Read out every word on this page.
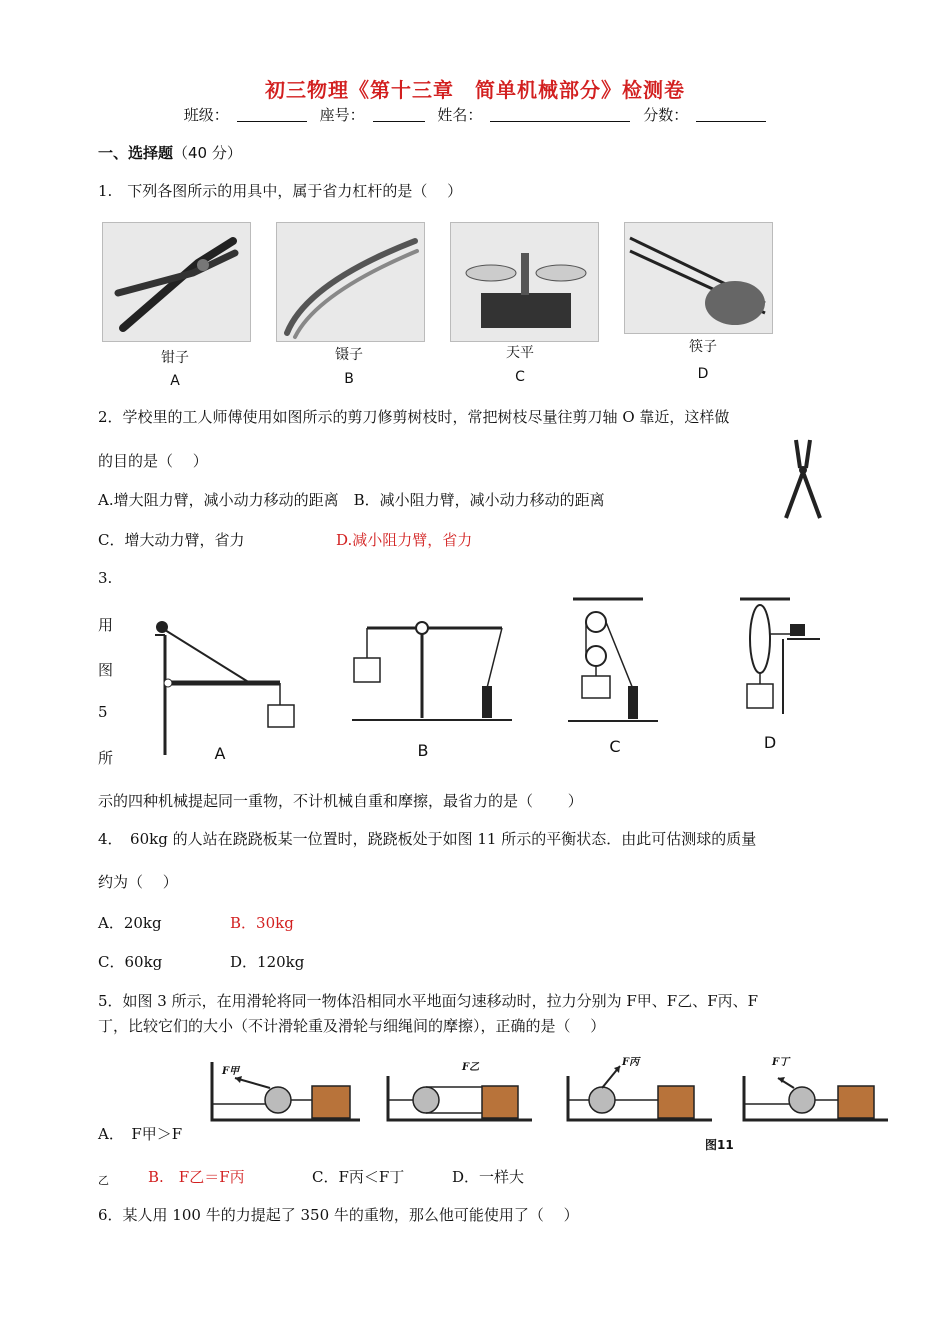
初三物理《第十三章　简单机械部分》检测卷
班级：	座号：	姓名：	分数：
一、选择题（40 分）
1.　下列各图所示的用具中，属于省力杠杆的是（　 ）
钳子
A
镊子
B
天平
C
筷子
D
2．学校里的工人师傅使用如图所示的剪刀修剪树枝时，常把树枝尽量往剪刀轴 O 靠近，这样做
的目的是（　 ）
A.增大阻力臂，减小动力移动的距离　 B．减小阻力臂，减小动力移动的距离
C．增大动力臂，省力	D.减小阻力臂，省力
3.
用
图
5
所	A	B	C	D
示的四种机械提起同一重物，不计机械自重和摩擦，最省力的是（　　 ）
4．　60kg 的人站在跷跷板某一位置时，跷跷板处于如图 11 所示的平衡状态．由此可估测球的质量
约为（　 ）
A．20kg	B．30kg
C．60kg	D．120kg
5．如图 3 所示，在用滑轮将同一物体沿相同水平地面匀速移动时，拉力分别为 F甲、F乙、F丙、F
丁，比较它们的大小（不计滑轮重及滑轮与细绳间的摩擦），正确的是（　 ）
F甲	F乙	F丙	F丁
图11
A．　F甲＞F
乙	B.　F乙＝F丙	C．F丙＜F丁	D．一样大
6．某人用 100 牛的力提起了 350 牛的重物，那么他可能使用了（　 ）
